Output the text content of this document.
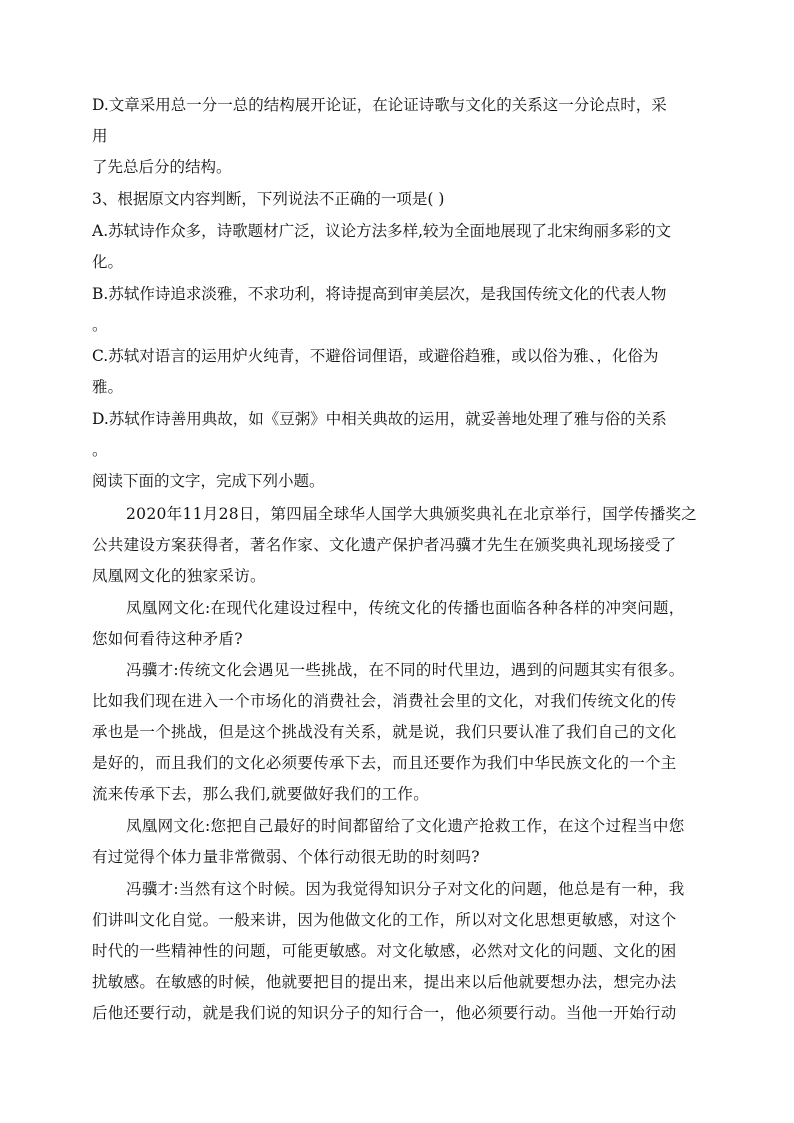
D.文章采用总一分一总的结构展开论证，在论证诗歌与文化的关系这一分论点时，采
用
了先总后分的结构。
3、根据原文内容判断，下列说法不正确的一项是( )
A.苏轼诗作众多，诗歌题材广泛，议论方法多样,较为全面地展现了北宋绚丽多彩的文
化。
B.苏轼作诗追求淡雅，不求功利，将诗提高到审美层次，是我国传统文化的代表人物
。
C.苏轼对语言的运用炉火纯青，不避俗词俚语，或避俗趋雅，或以俗为雅、，化俗为
雅。
D.苏轼作诗善用典故，如《豆粥》中相关典故的运用，就妥善地处理了雅与俗的关系
。
阅读下面的文字，完成下列小题。
2020年11月28日，第四届全球华人国学大典颁奖典礼在北京举行，国学传播奖之
公共建设方案获得者，著名作家、文化遗产保护者冯骥才先生在颁奖典礼现场接受了
凤凰网文化的独家采访。
凤凰网文化:在现代化建设过程中，传统文化的传播也面临各种各样的冲突问题，
您如何看待这种矛盾?
冯骥才:传统文化会遇见一些挑战，在不同的时代里边，遇到的问题其实有很多。
比如我们现在进入一个市场化的消费社会，消费社会里的文化，对我们传统文化的传
承也是一个挑战，但是这个挑战没有关系，就是说，我们只要认准了我们自己的文化
是好的，而且我们的文化必须要传承下去，而且还要作为我们中华民族文化的一个主
流来传承下去，那么我们,就要做好我们的工作。
凤凰网文化:您把自己最好的时间都留给了文化遗产抢救工作，在这个过程当中您
有过觉得个体力量非常微弱、个体行动很无助的时刻吗?
冯骥才:当然有这个时候。因为我觉得知识分子对文化的问题，他总是有一种，我
们讲叫文化自觉。一般来讲，因为他做文化的工作，所以对文化思想更敏感，对这个
时代的一些精神性的问题，可能更敏感。对文化敏感，必然对文化的问题、文化的困
扰敏感。在敏感的时候，他就要把目的提出来，提出来以后他就要想办法，想完办法
后他还要行动，就是我们说的知识分子的知行合一，他必须要行动。当他一开始行动
